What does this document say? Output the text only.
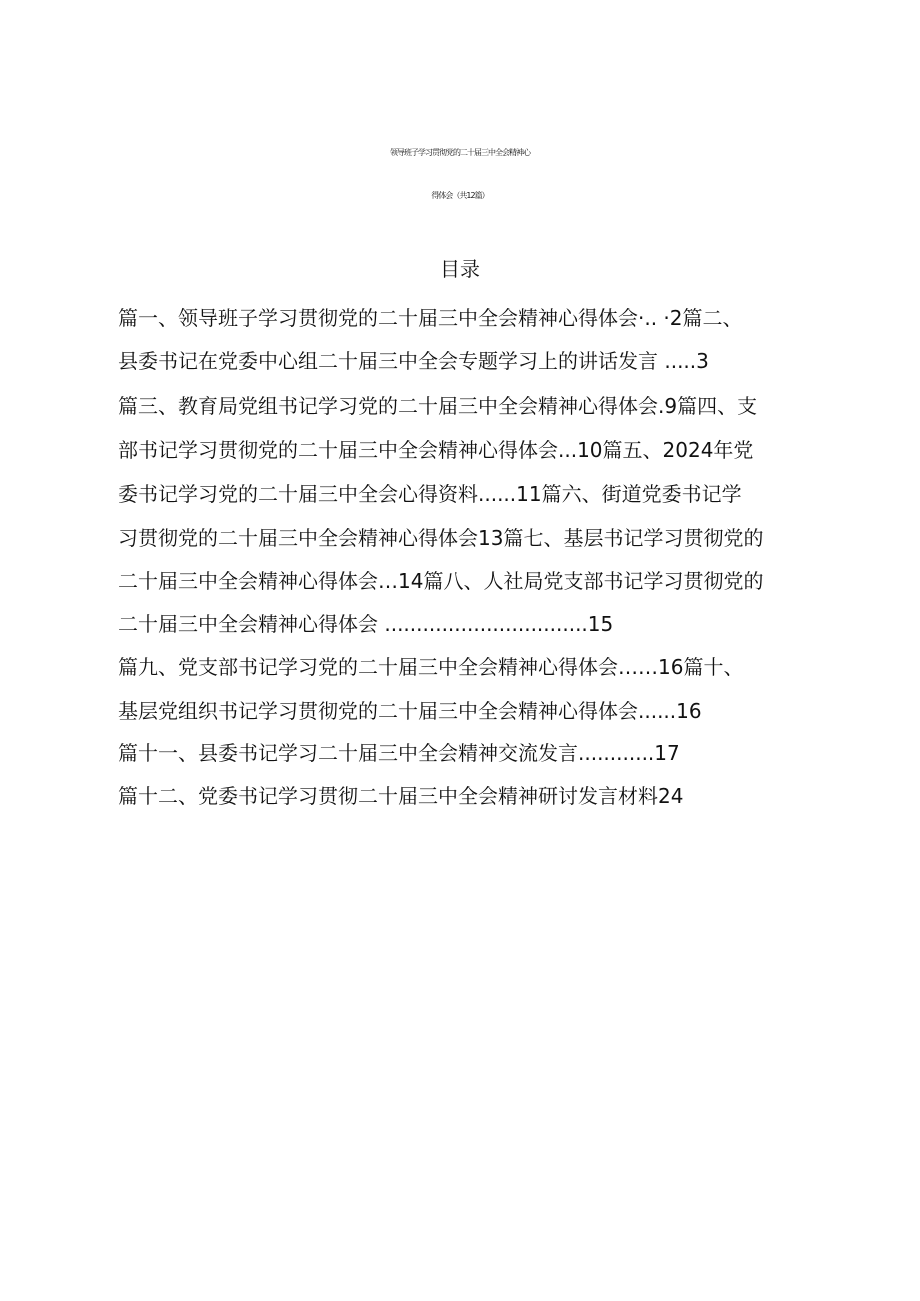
领导班子学习贯彻党的二十届三中全会精神心
得体会（共12篇）
目录
篇一、领导班子学习贯彻党的二十届三中全会精神心得体会·.. ·2篇二、
县委书记在党委中心组二十届三中全会专题学习上的讲话发言 .....3
篇三、教育局党组书记学习党的二十届三中全会精神心得体会.9篇四、支
部书记学习贯彻党的二十届三中全会精神心得体会...10篇五、2024年党
委书记学习党的二十届三中全会心得资料......11篇六、街道党委书记学
习贯彻党的二十届三中全会精神心得体会13篇七、基层书记学习贯彻党的
二十届三中全会精神心得体会…14篇八、人社局党支部书记学习贯彻党的
二十届三中全会精神心得体会 ................................15
篇九、党支部书记学习党的二十届三中全会精神心得体会……16篇十、
基层党组织书记学习贯彻党的二十届三中全会精神心得体会......16
篇十一、县委书记学习二十届三中全会精神交流发言............17
篇十二、党委书记学习贯彻二十届三中全会精神研讨发言材料24
